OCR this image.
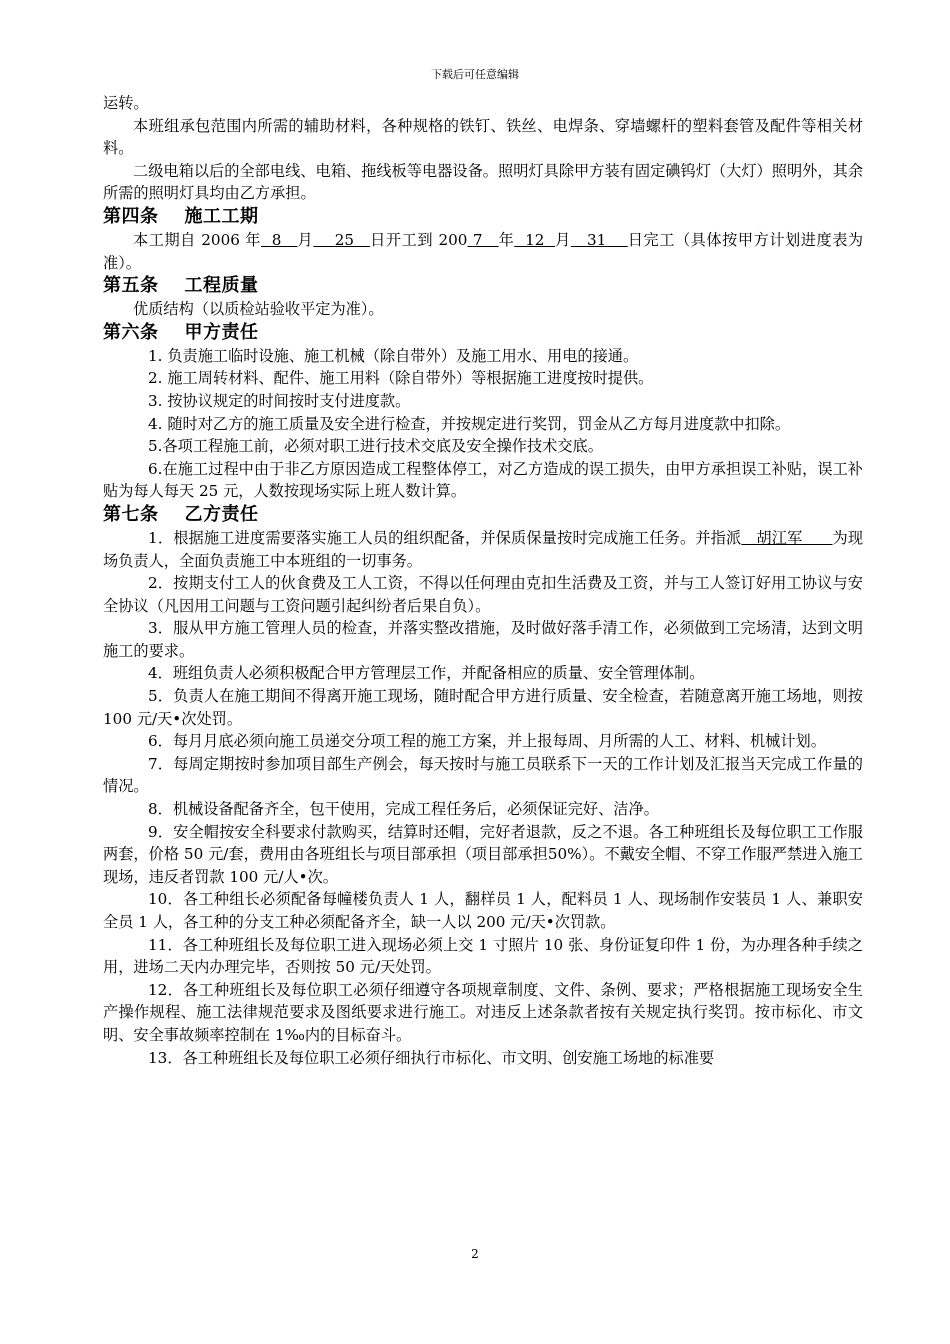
下载后可任意编辑

运转。

本班组承包范围内所需的辅助材料，各种规格的铁钉、铁丝、电焊条、穿墙螺杆的塑料套管及配件等相关材料。

二级电箱以后的全部电线、电箱、拖线板等电器设备。照明灯具除甲方装有固定碘钨灯（大灯）照明外，其余所需的照明灯具均由乙方承担。

第四条 施工工期

本工期自 2006 年 8 月 25 日开工到 200 7 年 12 月 31 日完工（具体按甲方计划进度表为准）。

第五条 工程质量

优质结构（以质检站验收平定为准）。

第六条 甲方责任

1. 负责施工临时设施、施工机械（除自带外）及施工用水、用电的接通。

2. 施工周转材料、配件、施工用料（除自带外）等根据施工进度按时提供。

3. 按协议规定的时间按时支付进度款。

4. 随时对乙方的施工质量及安全进行检查，并按规定进行奖罚，罚金从乙方每月进度款中扣除。

5.各项工程施工前，必须对职工进行技术交底及安全操作技术交底。

6.在施工过程中由于非乙方原因造成工程整体停工，对乙方造成的误工损失，由甲方承担误工补贴，误工补贴为每人每天 25 元，人数按现场实际上班人数计算。

第七条 乙方责任

1．根据施工进度需要落实施工人员的组织配备，并保质保量按时完成施工任务。并指派 胡江军 为现场负责人，全面负责施工中本班组的一切事务。

2．按期支付工人的伙食费及工人工资，不得以任何理由克扣生活费及工资，并与工人签订好用工协议与安全协议（凡因用工问题与工资问题引起纠纷者后果自负）。

3．服从甲方施工管理人员的检查，并落实整改措施，及时做好落手清工作，必须做到工完场清，达到文明施工的要求。

4．班组负责人必须积极配合甲方管理层工作，并配备相应的质量、安全管理体制。

5．负责人在施工期间不得离开施工现场，随时配合甲方进行质量、安全检查，若随意离开施工场地，则按 100 元/天•次处罚。

6．每月月底必须向施工员递交分项工程的施工方案，并上报每周、月所需的人工、材料、机械计划。

7．每周定期按时参加项目部生产例会，每天按时与施工员联系下一天的工作计划及汇报当天完成工作量的情况。

8．机械设备配备齐全，包干使用，完成工程任务后，必须保证完好、洁净。

9．安全帽按安全科要求付款购买，结算时还帽，完好者退款，反之不退。各工种班组长及每位职工工作服两套，价格 50 元/套，费用由各班组长与项目部承担（项目部承担50%）。不戴安全帽、不穿工作服严禁进入施工现场，违反者罚款 100 元/人•次。

10．各工种组长必须配备每幢楼负责人 1 人，翻样员 1 人，配料员 1 人、现场制作安装员 1 人、兼职安全员 1 人，各工种的分支工种必须配备齐全，缺一人以 200 元/天•次罚款。

11．各工种班组长及每位职工进入现场必须上交 1 寸照片 10 张、身份证复印件 1 份，为办理各种手续之用，进场二天内办理完毕，否则按 50 元/天处罚。

12．各工种班组长及每位职工必须仔细遵守各项规章制度、文件、条例、要求；严格根据施工现场安全生产操作规程、施工法律规范要求及图纸要求进行施工。对违反上述条款者按有关规定执行奖罚。按市标化、市文明、安全事故频率控制在 1‰内的目标奋斗。

13．各工种班组长及每位职工必须仔细执行市标化、市文明、创安施工场地的标准要

2
